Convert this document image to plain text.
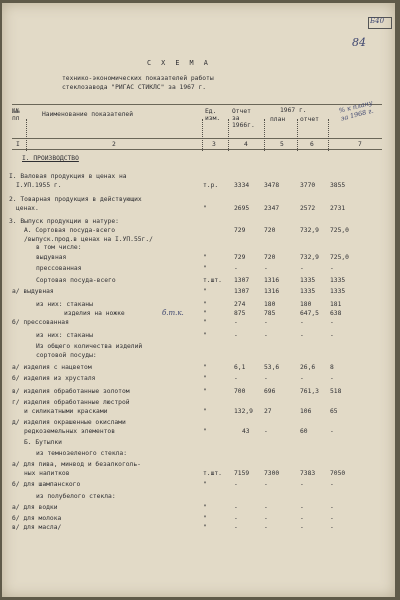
Б40
84
С Х Е М А
технико-экономических показателей работы
стеклозавода "РИГАС СТИКЛС" за 1967 г.
№№
пп
Наименование показателей	Ед.
изм.
Отчет
за
1966г.
1967 г.
план отчет
% к плану
за 1968 г.
I	2	3	4	5	6	7
б.т.к.
I. ПРОИЗВОДСТВО
I. Валовая продукция в ценах на
I.УП.1955 г.	т.р.	3334 3478	3770 3855
2. Товарная продукция в действующих
ценах.	"	2695 2347	2572 2731
3. Выпуск продукции в натуре:
А. Сортовая посуда-всего	729	720	732,9 725,0
/выпуск.прод.в ценах на I.УП.55г./
в том числе:
выдувная	"	729	720	732,9 725,0
прессованная	"	-	-	-	-
Сортовая посуда-всего	т.шт. 1307 1316	1335 1335
а/ выдувная	"	1307 1316	1335 1335
из них: стаканы	"	274	180	180	181
изделия на ножке	"	875	785	647,5 638
б/ прессованная	"	-	-	-	-
из них: стаканы	"	-	-	-	-
Из общего количества изделий
сортовой посуды:
а/ изделия с нацветом	"	6,1	53,6	26,6 8
б/ изделия из хрусталя	"	-	-	-	-
в/ изделия обработанные золотом	"	700	696	761,3 518
г/ изделия обработанные люстрой
и силикатными красками	"	132,9 27	106	65
д/ изделия окрашенные окислами
редкоземельных элементов	"	43 -	60	-
Б. Бутылки
из темнозеленого стекла:
а/ для пива, минвод и безалкоголь-
ных напитков	т.шт. 7159 7300	7383 7050
б/ для шампанского	"	-	-	-	-
из полубелого стекла:
а/ для водки	"	-	-	-	-
б/ для молока	"	-	-	-	-
в/ для масла/	"	-	-	-	-
